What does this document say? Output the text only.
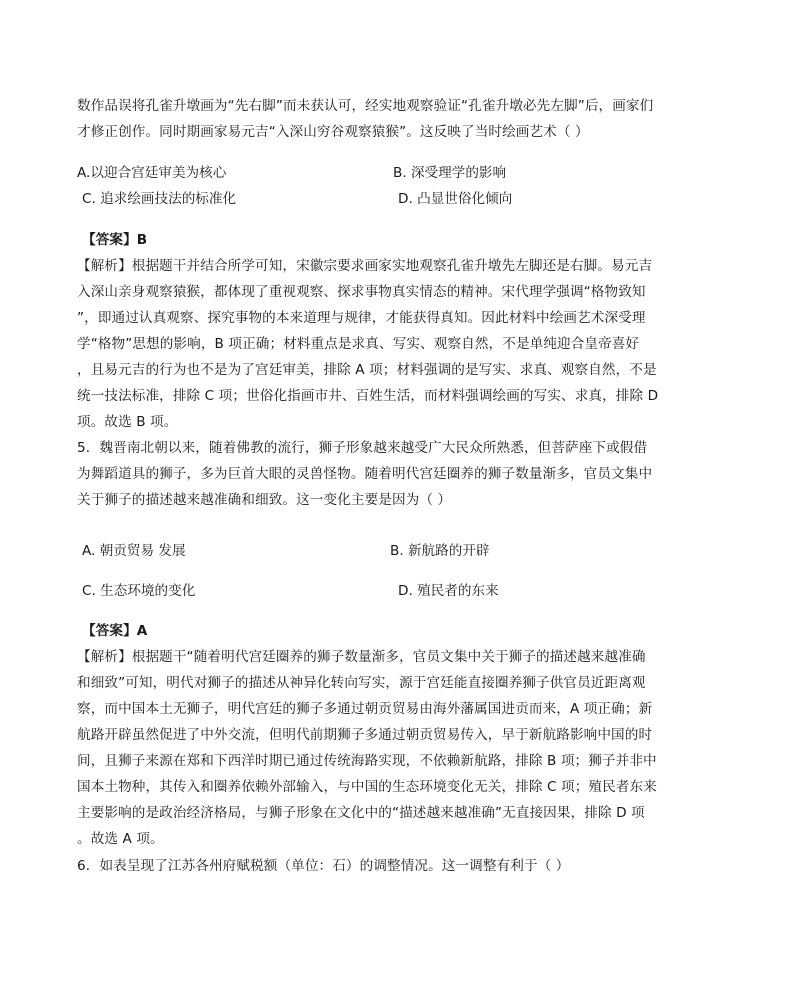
数作品误将孔雀升墩画为“先右脚”而未获认可，经实地观察验证“孔雀升墩必先左脚”后，画家们
才修正创作。同时期画家易元吉“入深山穷谷观察猿猴”。这反映了当时绘画艺术（ ）
A.以迎合宫廷审美为核心	B. 深受理学的影响
C. 追求绘画技法的标准化	D. 凸显世俗化倾向
【答案】B
【解析】根据题干并结合所学可知，宋徽宗要求画家实地观察孔雀升墩先左脚还是右脚。易元吉
入深山亲身观察猿猴，都体现了重视观察、探求事物真实情态的精神。宋代理学强调“格物致知
”，即通过认真观察、探究事物的本来道理与规律，才能获得真知。因此材料中绘画艺术深受理
学“格物”思想的影响，B 项正确；材料重点是求真、写实、观察自然，不是单纯迎合皇帝喜好
，且易元吉的行为也不是为了宫廷审美，排除 A 项；材料强调的是写实、求真、观察自然，不是
统一技法标准，排除 C 项；世俗化指画市井、百姓生活，而材料强调绘画的写实、求真，排除 D
项。故选 B 项。
5．魏晋南北朝以来，随着佛教的流行，狮子形象越来越受广大民众所熟悉，但菩萨座下或假借
为舞蹈道具的狮子，多为巨首大眼的灵兽怪物。随着明代宫廷圈养的狮子数量渐多，官员文集中
关于狮子的描述越来越准确和细致。这一变化主要是因为（ ）
A. 朝贡贸易 发展	B. 新航路的开辟
C. 生态环境的变化	D. 殖民者的东来
【答案】A
【解析】根据题干“随着明代宫廷圈养的狮子数量渐多，官员文集中关于狮子的描述越来越准确
和细致”可知，明代对狮子的描述从神异化转向写实，源于宫廷能直接圈养狮子供官员近距离观
察，而中国本土无狮子，明代宫廷的狮子多通过朝贡贸易由海外藩属国进贡而来，A 项正确；新
航路开辟虽然促进了中外交流，但明代前期狮子多通过朝贡贸易传入，早于新航路影响中国的时
间，且狮子来源在郑和下西洋时期已通过传统海路实现，不依赖新航路，排除 B 项；狮子并非中
国本土物种，其传入和圈养依赖外部输入，与中国的生态环境变化无关，排除 C 项；殖民者东来
主要影响的是政治经济格局，与狮子形象在文化中的“描述越来越准确”无直接因果，排除 D 项
。故选 A 项。
6．如表呈现了江苏各州府赋税额（单位：石）的调整情况。这一调整有利于（ ）
